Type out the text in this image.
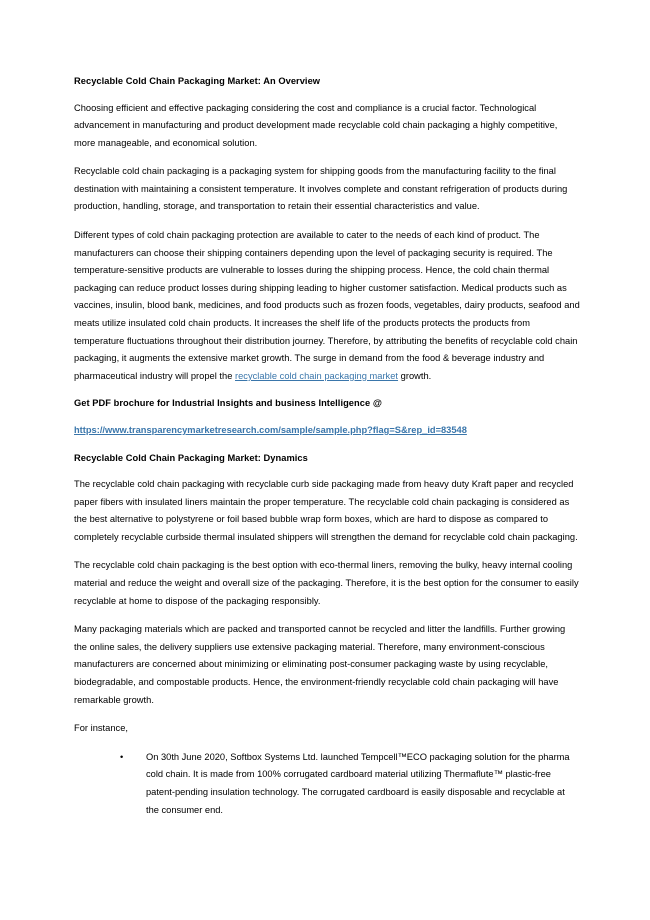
Recyclable Cold Chain Packaging Market: An Overview

Choosing efficient and effective packaging considering the cost and compliance is a crucial factor. Technological advancement in manufacturing and product development made recyclable cold chain packaging a highly competitive, more manageable, and economical solution.

Recyclable cold chain packaging is a packaging system for shipping goods from the manufacturing facility to the final destination with maintaining a consistent temperature. It involves complete and constant refrigeration of products during production, handling, storage, and transportation to retain their essential characteristics and value.

Different types of cold chain packaging protection are available to cater to the needs of each kind of product. The manufacturers can choose their shipping containers depending upon the level of packaging security is required. The temperature-sensitive products are vulnerable to losses during the shipping process. Hence, the cold chain thermal packaging can reduce product losses during shipping leading to higher customer satisfaction. Medical products such as vaccines, insulin, blood bank, medicines, and food products such as frozen foods, vegetables, dairy products, seafood and meats utilize insulated cold chain products. It increases the shelf life of the products protects the products from temperature fluctuations throughout their distribution journey. Therefore, by attributing the benefits of recyclable cold chain packaging, it augments the extensive market growth. The surge in demand from the food & beverage industry and pharmaceutical industry will propel the recyclable cold chain packaging market growth.

Get PDF brochure for Industrial Insights and business Intelligence @

https://www.transparencymarketresearch.com/sample/sample.php?flag=S&rep_id=83548

Recyclable Cold Chain Packaging Market: Dynamics

The recyclable cold chain packaging with recyclable curb side packaging made from heavy duty Kraft paper and recycled paper fibers with insulated liners maintain the proper temperature. The recyclable cold chain packaging is considered as the best alternative to polystyrene or foil based bubble wrap form boxes, which are hard to dispose as compared to completely recyclable curbside thermal insulated shippers will strengthen the demand for recyclable cold chain packaging.

The recyclable cold chain packaging is the best option with eco-thermal liners, removing the bulky, heavy internal cooling material and reduce the weight and overall size of the packaging. Therefore, it is the best option for the consumer to easily recyclable at home to dispose of the packaging responsibly.

Many packaging materials which are packed and transported cannot be recycled and litter the landfills. Further growing the online sales, the delivery suppliers use extensive packaging material. Therefore, many environment-conscious manufacturers are concerned about minimizing or eliminating post-consumer packaging waste by using recyclable, biodegradable, and compostable products. Hence, the environment-friendly recyclable cold chain packaging will have remarkable growth.

For instance,

• On 30th June 2020, Softbox Systems Ltd. launched Tempcell™ECO packaging solution for the pharma cold chain. It is made from 100% corrugated cardboard material utilizing Thermaflute™ plastic-free patent-pending insulation technology. The corrugated cardboard is easily disposable and recyclable at the consumer end.
